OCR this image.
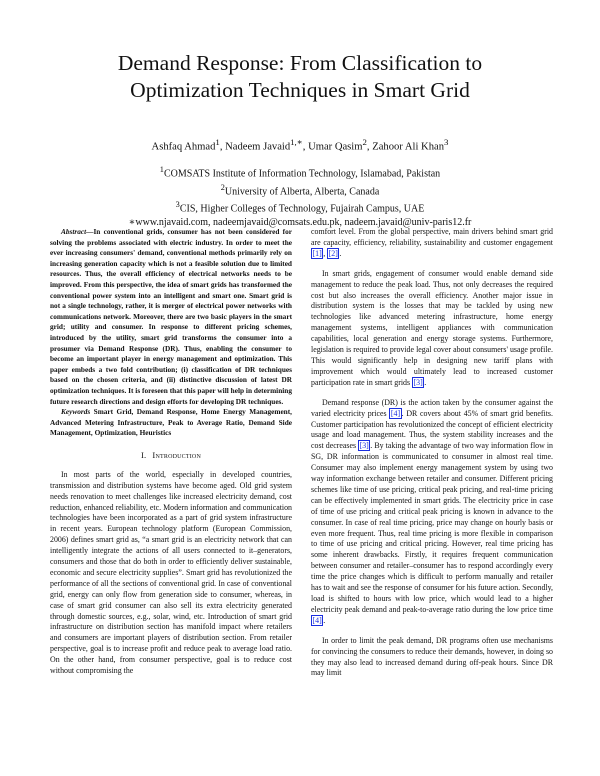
Demand Response: From Classification to
Optimization Techniques in Smart Grid
Ashfaq Ahmad$^1$, Nadeem Javaid$^{1,∗}$, Umar Qasim$^2$, Zahoor Ali Khan$^3$
$^1$COMSATS Institute of Information Technology, Islamabad, Pakistan
$^2$University of Alberta, Alberta, Canada
$^3$CIS, Higher Colleges of Technology, Fujairah Campus, UAE
∗www.njavaid.com, nadeemjavaid@comsats.edu.pk, nadeem.javaid@univ-paris12.fr

Abstract—In conventional grids, consumer has not been considered for solving the problems associated with electric industry. In order to meet the ever increasing consumers' demand, conventional methods primarily rely on increasing generation capacity which is not a feasible solution due to limited resources. Thus, the overall efficiency of electrical networks needs to be improved. From this perspective, the idea of smart grids has transformed the conventional power system into an intelligent and smart one. Smart grid is not a single technology, rather, it is merger of electrical power networks with communications network. Moreover, there are two basic players in the smart grid; utility and consumer. In response to different pricing schemes, introduced by the utility, smart grid transforms the consumer into a prosumer via Demand Response (DR). Thus, enabling the consumer to become an important player in energy management and optimization. This paper embeds a two fold contribution; (i) classification of DR techniques based on the chosen criteria, and (ii) distinctive discussion of latest DR optimization techniques. It is foreseen that this paper will help in determining future research directions and design efforts for developing DR techniques.

Keywords Smart Grid, Demand Response, Home Energy Management, Advanced Metering Infrastructure, Peak to Average Ratio, Demand Side Management, Optimization, Heuristics

I. Introduction

In most parts of the world, especially in developed countries, transmission and distribution systems have become aged. Old grid system needs renovation to meet challenges like increased electricity demand, cost reduction, enhanced reliability, etc. Modern information and communication technologies have been incorporated as a part of grid system infrastructure in recent years. European technology platform (European Commission, 2006) defines smart grid as, “a smart grid is an electricity network that can intelligently integrate the actions of all users connected to it–generators, consumers and those that do both in order to efficiently deliver sustainable, economic and secure electricity supplies”. Smart grid has revolutionized the performance of all the sections of conventional grid. In case of conventional grid, energy can only flow from generation side to consumer, whereas, in case of smart grid consumer can also sell its extra electricity generated through domestic sources, e.g., solar, wind, etc. Introduction of smart grid infrastructure on distribution section has manifold impact where retailers and consumers are important players of distribution section. From retailer perspective, goal is to increase profit and reduce peak to average load ratio. On the other hand, from consumer perspective, goal is to reduce cost without compromising the

comfort level. From the global perspective, main drivers behind smart grid are capacity, efficiency, reliability, sustainability and customer engagement [1] , [2] .

In smart grids, engagement of consumer would enable demand side management to reduce the peak load. Thus, not only decreases the required cost but also increases the overall efficiency. Another major issue in distribution system is the losses that may be tackled by using new technologies like advanced metering infrastructure, home energy management systems, intelligent appliances with communication capabilities, local generation and energy storage systems. Furthermore, legislation is required to provide legal cover about consumers' usage profile. This would significantly help in designing new tariff plans with improvement which would ultimately lead to increased customer participation rate in smart grids [3] .

Demand response (DR) is the action taken by the consumer against the varied electricity prices [4] . DR covers about 45% of smart grid benefits. Customer participation has revolutionized the concept of efficient electricity usage and load management. Thus, the system stability increases and the cost decreases [3] . By taking the advantage of two way information flow in SG, DR information is communicated to consumer in almost real time. Consumer may also implement energy management system by using two way information exchange between retailer and consumer. Different pricing schemes like time of use pricing, critical peak pricing, and real-time pricing can be effectively implemented in smart grids. The electricity price in case of time of use pricing and critical peak pricing is known in advance to the consumer. In case of real time pricing, price may change on hourly basis or even more frequent. Thus, real time pricing is more flexible in comparison to time of use pricing and critical pricing. However, real time pricing has some inherent drawbacks. Firstly, it requires frequent communication between consumer and retailer–consumer has to respond accordingly every time the price changes which is difficult to perform manually and retailer has to wait and see the response of consumer for his future action. Secondly, load is shifted to hours with low price, which would lead to a higher electricity peak demand and peak-to-average ratio during the low price time [4] .

In order to limit the peak demand, DR programs often use mechanisms for convincing the consumers to reduce their demands, however, in doing so they may also lead to increased demand during off-peak hours. Since DR may limit
